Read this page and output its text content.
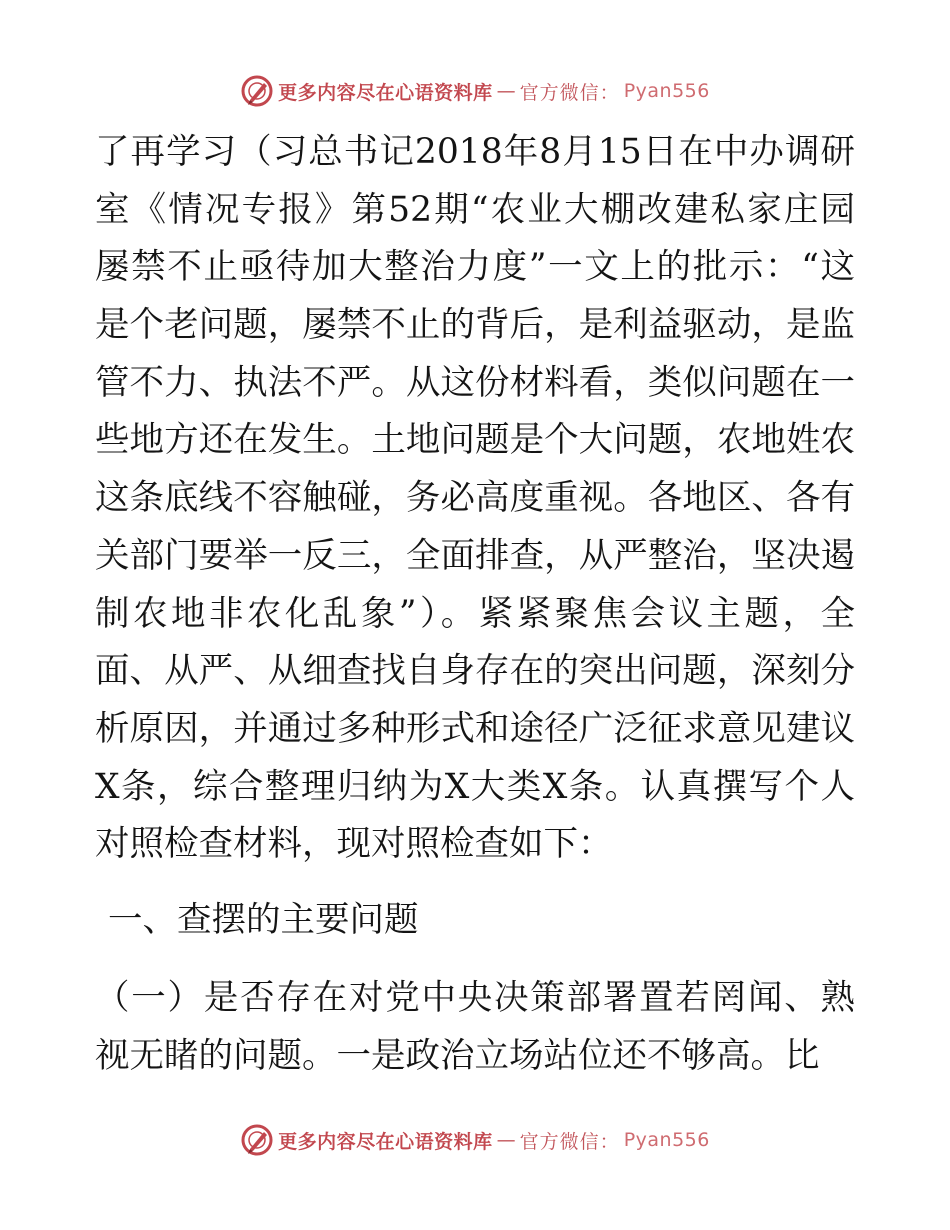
更多内容尽在心语资料库 — 官方微信： Pyan556
了再学习（习总书记2018年8月15日在中办调研
室《情况专报》第52期“农业大棚改建私家庄园
屡禁不止亟待加大整治力度”一文上的批示：“这
是个老问题，屡禁不止的背后，是利益驱动，是监
管不力、执法不严。从这份材料看，类似问题在一
些地方还在发生。土地问题是个大问题，农地姓农
这条底线不容触碰，务必高度重视。各地区、各有
关部门要举一反三，全面排查，从严整治，坚决遏
制农地非农化乱象”）。紧紧聚焦会议主题，全
面、从严、从细查找自身存在的突出问题，深刻分
析原因，并通过多种形式和途径广泛征求意见建议
X条，综合整理归纳为X大类X条。认真撰写个人
对照检查材料，现对照检查如下：
一、查摆的主要问题
（一）是否存在对党中央决策部署置若罔闻、熟
视无睹的问题。一是政治立场站位还不够高。比
更多内容尽在心语资料库 — 官方微信： Pyan556
